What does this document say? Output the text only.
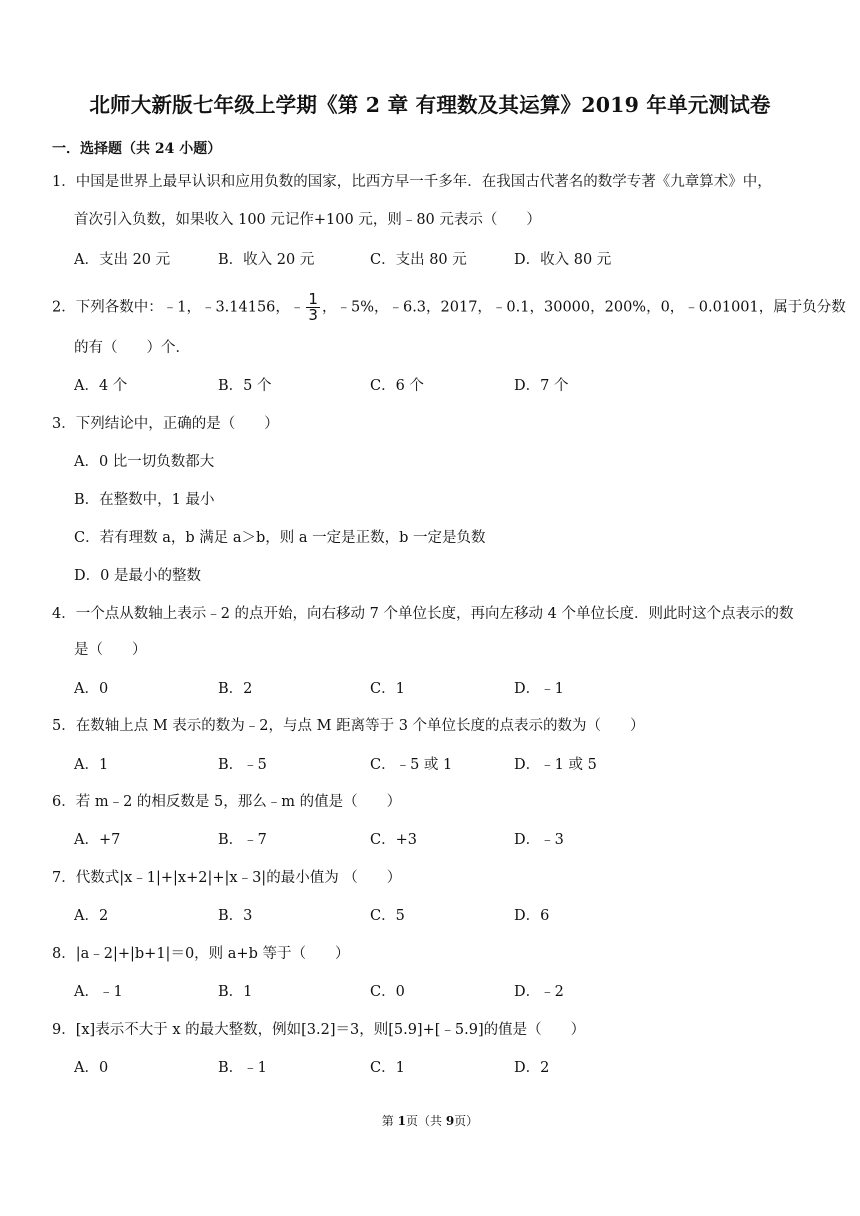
北师大新版七年级上学期《第 2 章 有理数及其运算》2019 年单元测试卷
一．选择题（共 24 小题）
1．中国是世界上最早认识和应用负数的国家，比西方早一千多年．在我国古代著名的数学专著《九章算术》中，
首次引入负数，如果收入 100 元记作+100 元，则﹣80 元表示（　　）
A．支出 20 元	B．收入 20 元	C．支出 80 元	D．收入 80 元
2．下列各数中：﹣1，﹣3.14156，﹣ $\frac{1}{3}$ ，﹣5%，﹣6.3，2017，﹣0.1，30000，200%，0，﹣0.01001，属于负分数
的有（　　）个．
A．4 个	B．5 个	C．6 个	D．7 个
3．下列结论中，正确的是（　　）
A．0 比一切负数都大
B．在整数中，1 最小
C．若有理数 a，b 满足 a＞b，则 a 一定是正数，b 一定是负数
D．0 是最小的整数
4．一个点从数轴上表示﹣2 的点开始，向右移动 7 个单位长度，再向左移动 4 个单位长度．则此时这个点表示的数
是（　　）
A．0	B．2	C．1	D．﹣1
5．在数轴上点 M 表示的数为﹣2，与点 M 距离等于 3 个单位长度的点表示的数为（　　）
A．1	B．﹣5	C．﹣5 或 1	D．﹣1 或 5
6．若 m﹣2 的相反数是 5，那么﹣m 的值是（　　）
A．+7	B．﹣7	C．+3	D．﹣3
7．代数式|x﹣1|+|x+2|+|x﹣3|的最小值为 （　　）
A．2	B．3	C．5	D．6
8．|a﹣2|+|b+1|＝0，则 a+b 等于（　　）
A．﹣1	B．1	C．0	D．﹣2
9．[x]表示不大于 x 的最大整数，例如[3.2]＝3，则[5.9]+[﹣5.9]的值是（　　）
A．0	B．﹣1	C．1	D．2
第 1页（共 9页）
